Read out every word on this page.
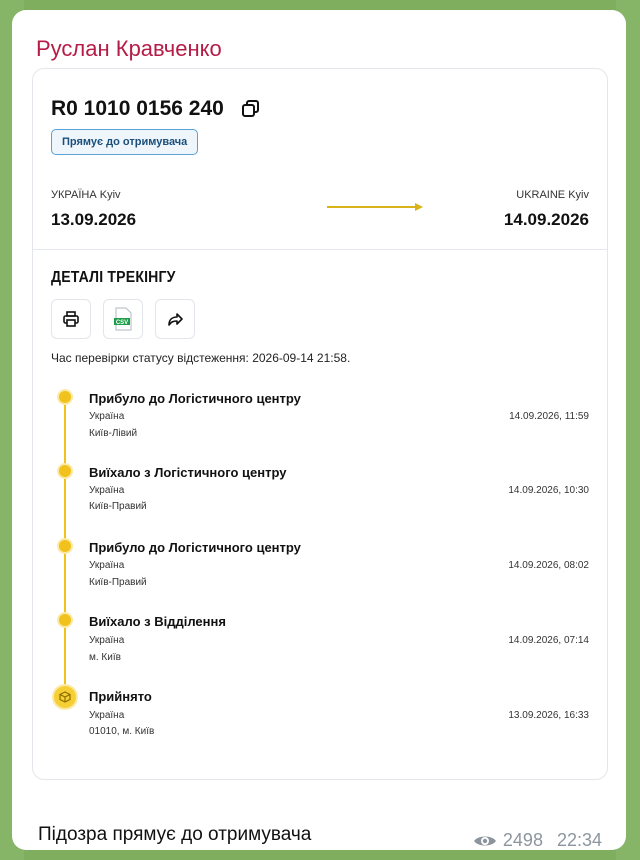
Руслан Кравченко
R0 1010 0156 240
Прямує до отримувача
УКРАЇНА Kyiv
13.09.2026
UKRAINE Kyiv
14.09.2026
ДЕТАЛІ ТРЕКІНГУ
CSV
Час перевірки статусу відстеження: 2026-09-14 21:58.
Прибуло до Логістичного центру
Україна
Київ-Лівий
14.09.2026, 11:59
Виїхало з Логістичного центру
Україна
Київ-Правий
14.09.2026, 10:30
Прибуло до Логістичного центру
Україна
Київ-Правий
14.09.2026, 08:02
Виїхало з Відділення
Україна
м. Київ
14.09.2026, 07:14
Прийнято
Україна
01010, м. Київ
13.09.2026, 16:33
Підозра прямує до отримувача	2498 22:34
